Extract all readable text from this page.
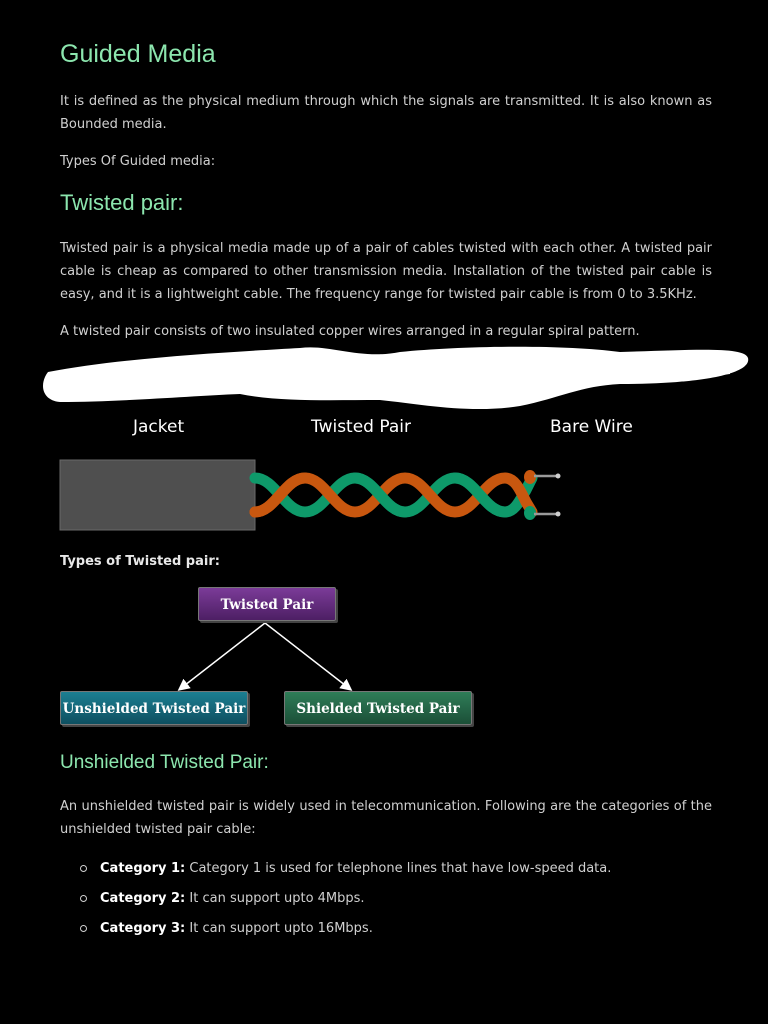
Guided Media

It is defined as the physical medium through which the signals are transmitted. It is also known as Bounded media.

Types Of Guided media:

Twisted pair:

Twisted pair is a physical media made up of a pair of cables twisted with each other. A twisted pair cable is cheap as compared to other transmission media. Installation of the twisted pair cable is easy, and it is a lightweight cable. The frequency range for twisted pair cable is from 0 to 3.5KHz.

A twisted pair consists of two insulated copper wires arranged in a regular spiral pattern.

Jacket	Twisted Pair	Bare Wire
Types of Twisted pair:
Twisted Pair
Unshielded Twisted Pair	Shielded Twisted Pair
Unshielded Twisted Pair:

An unshielded twisted pair is widely used in telecommunication. Following are the categories of the unshielded twisted pair cable:

Category 1: Category 1 is used for telephone lines that have low-speed data.
Category 2: It can support upto 4Mbps.
Category 3: It can support upto 16Mbps.
